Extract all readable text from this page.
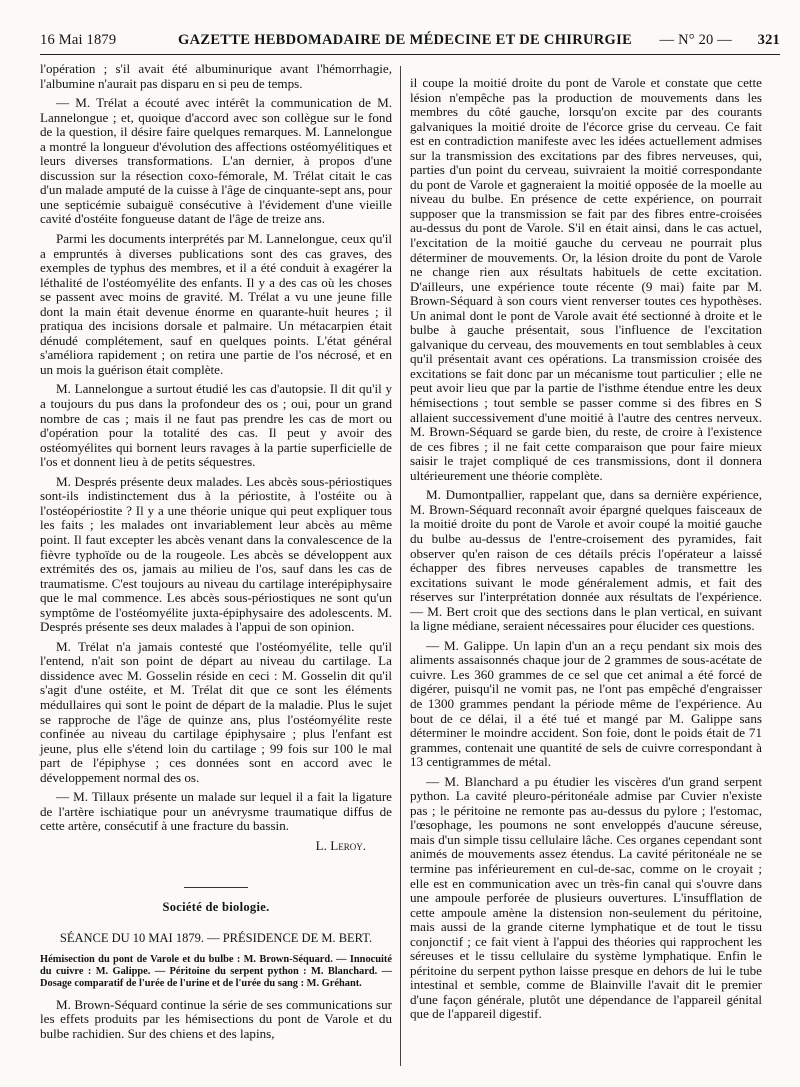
16 Mai 1879	GAZETTE HEBDOMADAIRE DE MÉDECINE ET DE CHIRURGIE — N° 20 — 321

l'opération ; s'il avait été albuminurique avant l'hémorrhagie, l'albumine n'aurait pas disparu en si peu de temps.

— M. Trélat a écouté avec intérêt la communication de M. Lannelongue ; et, quoique d'accord avec son collègue sur le fond de la question, il désire faire quelques remarques. M. Lannelongue a montré la longueur d'évolution des affections ostéomyélitiques et leurs diverses transformations. L'an dernier, à propos d'une discussion sur la résection coxo-fémorale, M. Trélat citait le cas d'un malade amputé de la cuisse à l'âge de cinquante-sept ans, pour une septicémie subaiguë consécutive à l'évidement d'une vieille cavité d'ostéite fongueuse datant de l'âge de treize ans.

Parmi les documents interprétés par M. Lannelongue, ceux qu'il a empruntés à diverses publications sont des cas graves, des exemples de typhus des membres, et il a été conduit à exagérer la léthalité de l'ostéomyélite des enfants. Il y a des cas où les choses se passent avec moins de gravité. M. Trélat a vu une jeune fille dont la main était devenue énorme en quarante-huit heures ; il pratiqua des incisions dorsale et palmaire. Un métacarpien était dénudé complétement, sauf en quelques points. L'état général s'améliora rapidement ; on retira une partie de l'os nécrosé, et en un mois la guérison était complète.

M. Lannelongue a surtout étudié les cas d'autopsie. Il dit qu'il y a toujours du pus dans la profondeur des os ; oui, pour un grand nombre de cas ; mais il ne faut pas prendre les cas de mort ou d'opération pour la totalité des cas. Il peut y avoir des ostéomyélites qui bornent leurs ravages à la partie superficielle de l'os et donnent lieu à de petits séquestres.

M. Després présente deux malades. Les abcès sous-périostiques sont-ils indistinctement dus à la périostite, à l'ostéite ou à l'ostéopériostite ? Il y a une théorie unique qui peut expliquer tous les faits ; les malades ont invariablement leur abcès au même point. Il faut excepter les abcès venant dans la convalescence de la fièvre typhoïde ou de la rougeole. Les abcès se développent aux extrémités des os, jamais au milieu de l'os, sauf dans les cas de traumatisme. C'est toujours au niveau du cartilage interépiphysaire que le mal commence. Les abcès sous-périostiques ne sont qu'un symptôme de l'ostéomyélite juxta-épiphysaire des adolescents. M. Després présente ses deux malades à l'appui de son opinion.

M. Trélat n'a jamais contesté que l'ostéomyélite, telle qu'il l'entend, n'ait son point de départ au niveau du cartilage. La dissidence avec M. Gosselin réside en ceci : M. Gosselin dit qu'il s'agit d'une ostéite, et M. Trélat dit que ce sont les éléments médullaires qui sont le point de départ de la maladie. Plus le sujet se rapproche de l'âge de quinze ans, plus l'ostéomyélite reste confinée au niveau du cartilage épiphysaire ; plus l'enfant est jeune, plus elle s'étend loin du cartilage ; 99 fois sur 100 le mal part de l'épiphyse ; ces données sont en accord avec le développement normal des os.

— M. Tillaux présente un malade sur lequel il a fait la ligature de l'artère ischiatique pour un anévrysme traumatique diffus de cette artère, consécutif à une fracture du bassin.

L. Leroy.
Société de biologie.
SÉANCE DU 10 MAI 1879. — PRÉSIDENCE DE M. BERT.
Hémisection du pont de Varole et du bulbe : M. Brown-Séquard. — Innocuité du cuivre : M. Galippe. — Péritoine du serpent python : M. Blanchard. — Dosage comparatif de l'urée de l'urine et de l'urée du sang : M. Gréhant.

M. Brown-Séquard continue la série de ses communications sur les effets produits par les hémisections du pont de Varole et du bulbe rachidien. Sur des chiens et des lapins,

il coupe la moitié droite du pont de Varole et constate que cette lésion n'empêche pas la production de mouvements dans les membres du côté gauche, lorsqu'on excite par des courants galvaniques la moitié droite de l'écorce grise du cerveau. Ce fait est en contradiction manifeste avec les idées actuellement admises sur la transmission des excitations par des fibres nerveuses, qui, parties d'un point du cerveau, suivraient la moitié correspondante du pont de Varole et gagneraient la moitié opposée de la moelle au niveau du bulbe. En présence de cette expérience, on pourrait supposer que la transmission se fait par des fibres entre-croisées au-dessus du pont de Varole. S'il en était ainsi, dans le cas actuel, l'excitation de la moitié gauche du cerveau ne pourrait plus déterminer de mouvements. Or, la lésion droite du pont de Varole ne change rien aux résultats habituels de cette excitation. D'ailleurs, une expérience toute récente (9 mai) faite par M. Brown-Séquard à son cours vient renverser toutes ces hypothèses. Un animal dont le pont de Varole avait été sectionné à droite et le bulbe à gauche présentait, sous l'influence de l'excitation galvanique du cerveau, des mouvements en tout semblables à ceux qu'il présentait avant ces opérations. La transmission croisée des excitations se fait donc par un mécanisme tout particulier ; elle ne peut avoir lieu que par la partie de l'isthme étendue entre les deux hémisections ; tout semble se passer comme si des fibres en S allaient successivement d'une moitié à l'autre des centres nerveux. M. Brown-Séquard se garde bien, du reste, de croire à l'existence de ces fibres ; il ne fait cette comparaison que pour faire mieux saisir le trajet compliqué de ces transmissions, dont il donnera ultérieurement une théorie complète.

M. Dumontpallier, rappelant que, dans sa dernière expérience, M. Brown-Séquard reconnaît avoir épargné quelques faisceaux de la moitié droite du pont de Varole et avoir coupé la moitié gauche du bulbe au-dessus de l'entre-croisement des pyramides, fait observer qu'en raison de ces détails précis l'opérateur a laissé échapper des fibres nerveuses capables de transmettre les excitations suivant le mode généralement admis, et fait des réserves sur l'interprétation donnée aux résultats de l'expérience. — M. Bert croit que des sections dans le plan vertical, en suivant la ligne médiane, seraient nécessaires pour élucider ces questions.

— M. Galippe. Un lapin d'un an a reçu pendant six mois des aliments assaisonnés chaque jour de 2 grammes de sous-acétate de cuivre. Les 360 grammes de ce sel que cet animal a été forcé de digérer, puisqu'il ne vomit pas, ne l'ont pas empêché d'engraisser de 1300 grammes pendant la période même de l'expérience. Au bout de ce délai, il a été tué et mangé par M. Galippe sans déterminer le moindre accident. Son foie, dont le poids était de 71 grammes, contenait une quantité de sels de cuivre correspondant à 13 centigrammes de métal.

— M. Blanchard a pu étudier les viscères d'un grand serpent python. La cavité pleuro-péritonéale admise par Cuvier n'existe pas ; le péritoine ne remonte pas au-dessus du pylore ; l'estomac, l'œsophage, les poumons ne sont enveloppés d'aucune séreuse, mais d'un simple tissu cellulaire lâche. Ces organes cependant sont animés de mouvements assez étendus. La cavité péritonéale ne se termine pas inférieurement en cul-de-sac, comme on le croyait ; elle est en communication avec un très-fin canal qui s'ouvre dans une ampoule perforée de plusieurs ouvertures. L'insufflation de cette ampoule amène la distension non-seulement du péritoine, mais aussi de la grande citerne lymphatique et de tout le tissu conjonctif ; ce fait vient à l'appui des théories qui rapprochent les séreuses et le tissu cellulaire du système lymphatique. Enfin le péritoine du serpent python laisse presque en dehors de lui le tube intestinal et semble, comme de Blainville l'avait dit le premier d'une façon générale, plutôt une dépendance de l'appareil génital que de l'appareil digestif.
